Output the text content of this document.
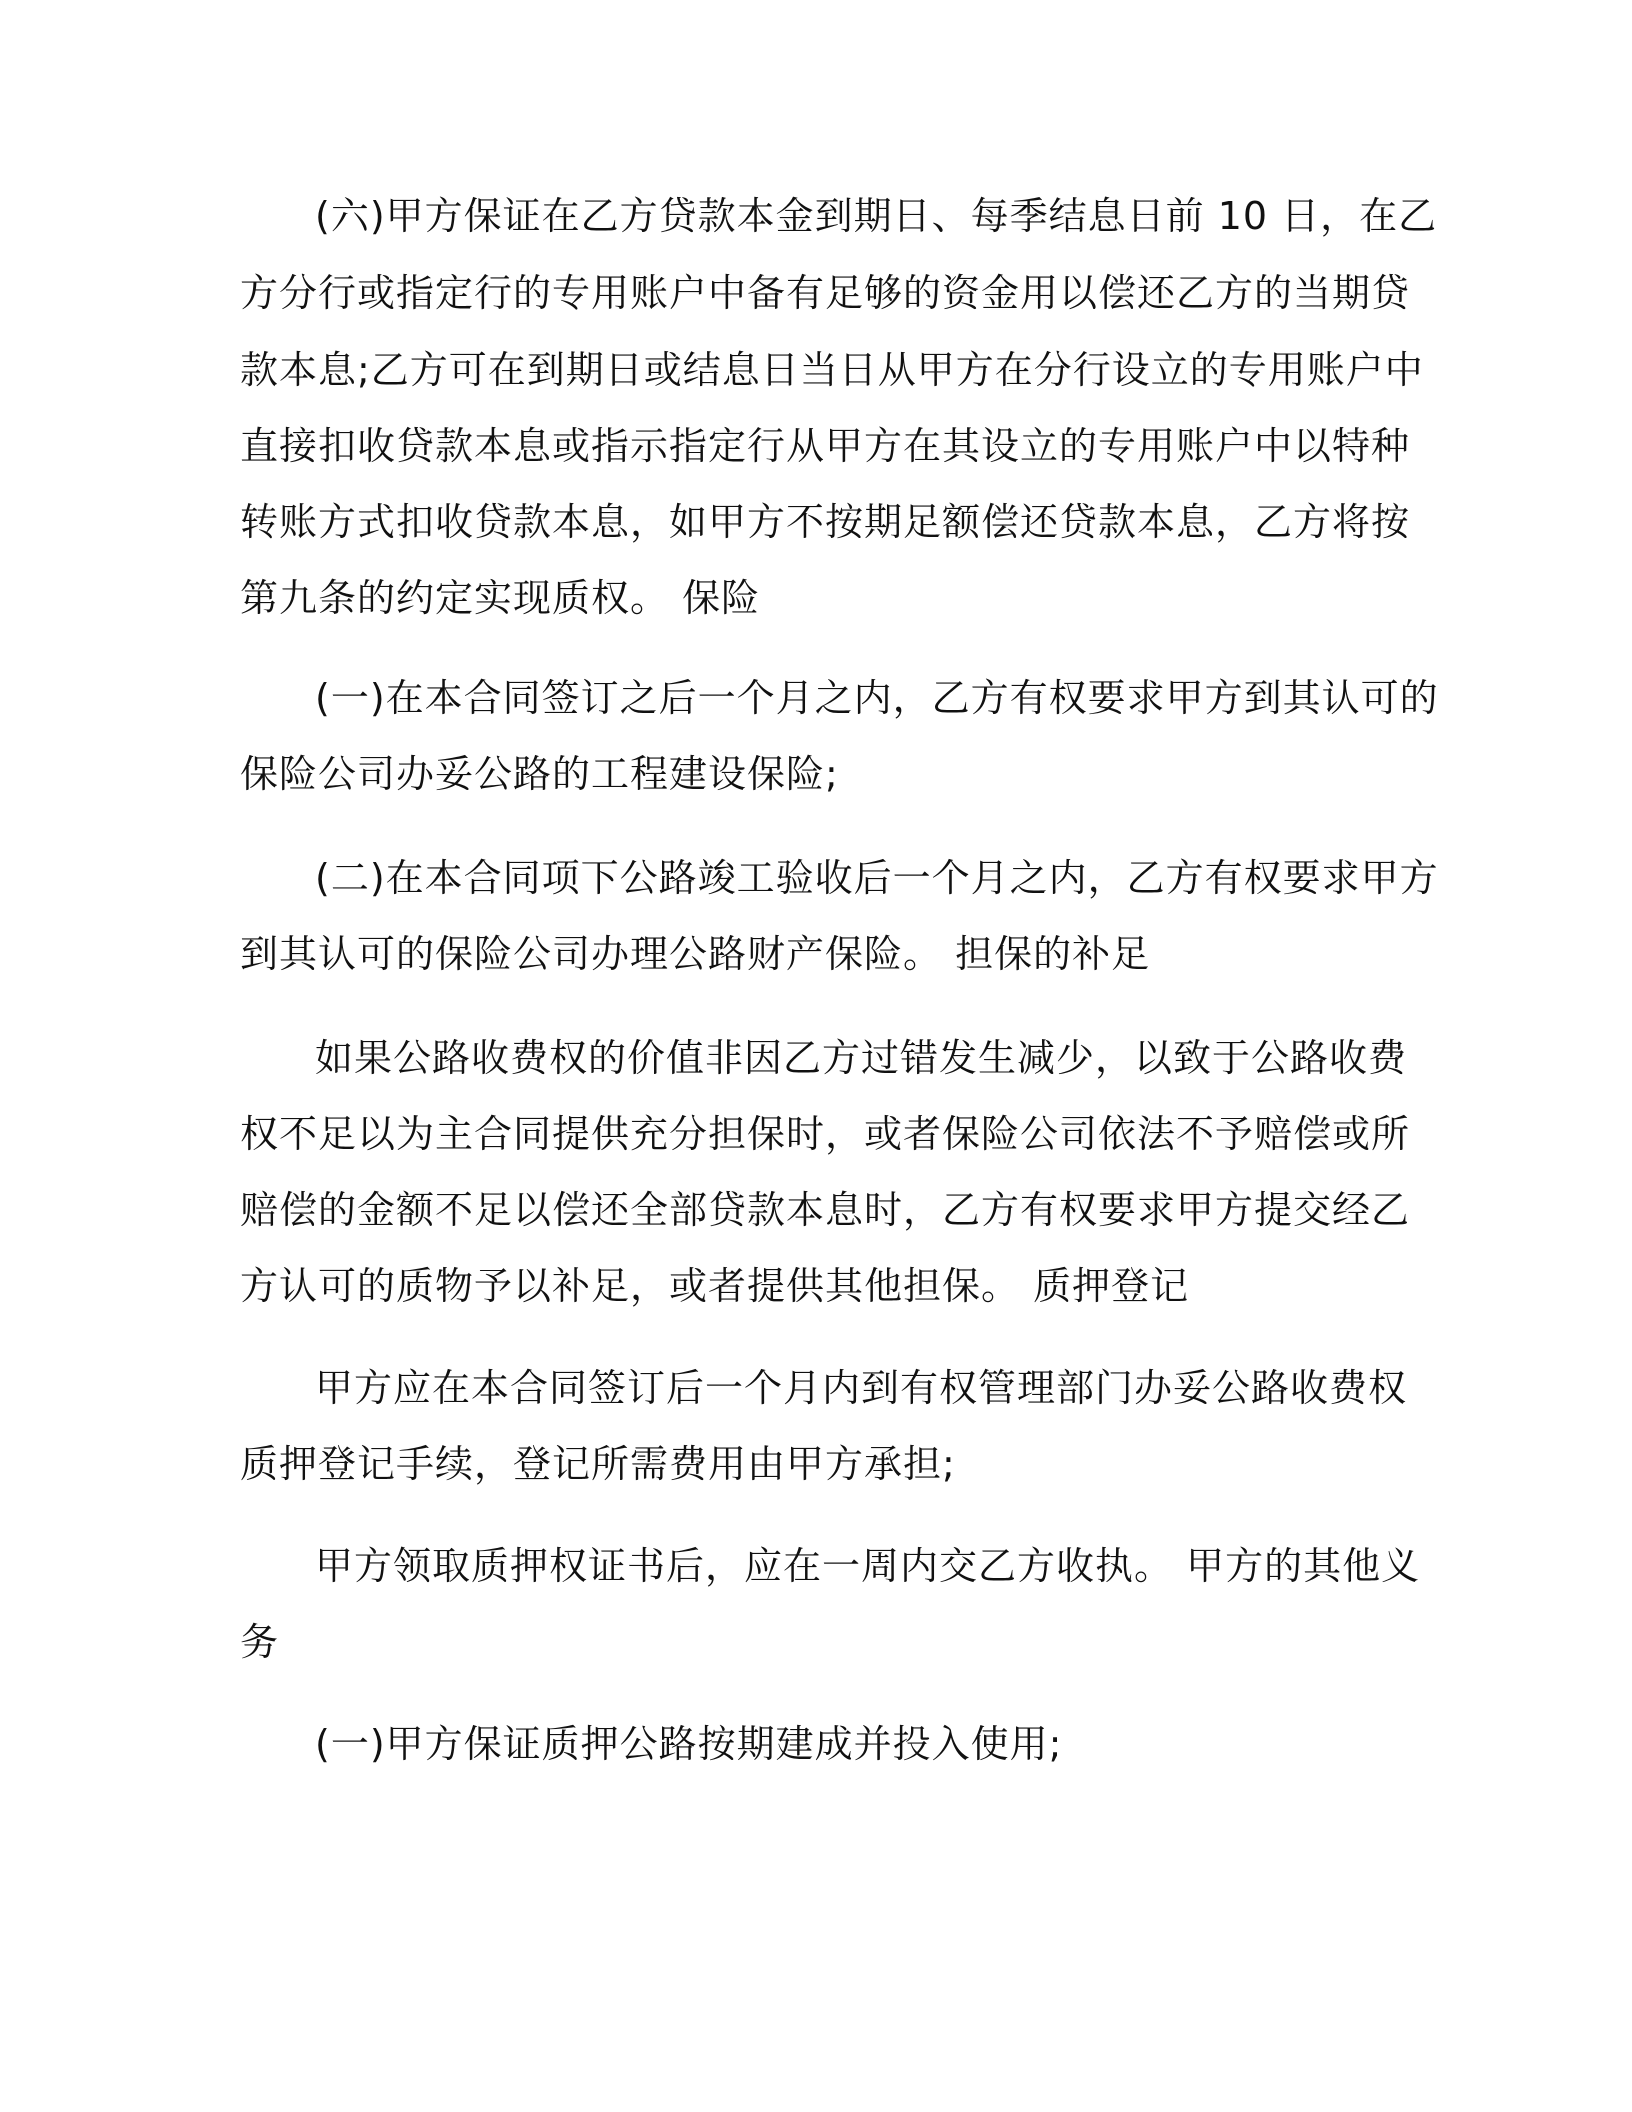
(六)甲方保证在乙方贷款本金到期日、每季结息日前 10 日，在乙
方分行或指定行的专用账户中备有足够的资金用以偿还乙方的当期贷
款本息;乙方可在到期日或结息日当日从甲方在分行设立的专用账户中
直接扣收贷款本息或指示指定行从甲方在其设立的专用账户中以特种
转账方式扣收贷款本息，如甲方不按期足额偿还贷款本息，乙方将按
第九条的约定实现质权。 保险
(一)在本合同签订之后一个月之内，乙方有权要求甲方到其认可的
保险公司办妥公路的工程建设保险;
(二)在本合同项下公路竣工验收后一个月之内，乙方有权要求甲方
到其认可的保险公司办理公路财产保险。 担保的补足
如果公路收费权的价值非因乙方过错发生减少，以致于公路收费
权不足以为主合同提供充分担保时，或者保险公司依法不予赔偿或所
赔偿的金额不足以偿还全部贷款本息时，乙方有权要求甲方提交经乙
方认可的质物予以补足，或者提供其他担保。 质押登记
甲方应在本合同签订后一个月内到有权管理部门办妥公路收费权
质押登记手续，登记所需费用由甲方承担;
甲方领取质押权证书后，应在一周内交乙方收执。 甲方的其他义
务
(一)甲方保证质押公路按期建成并投入使用;
